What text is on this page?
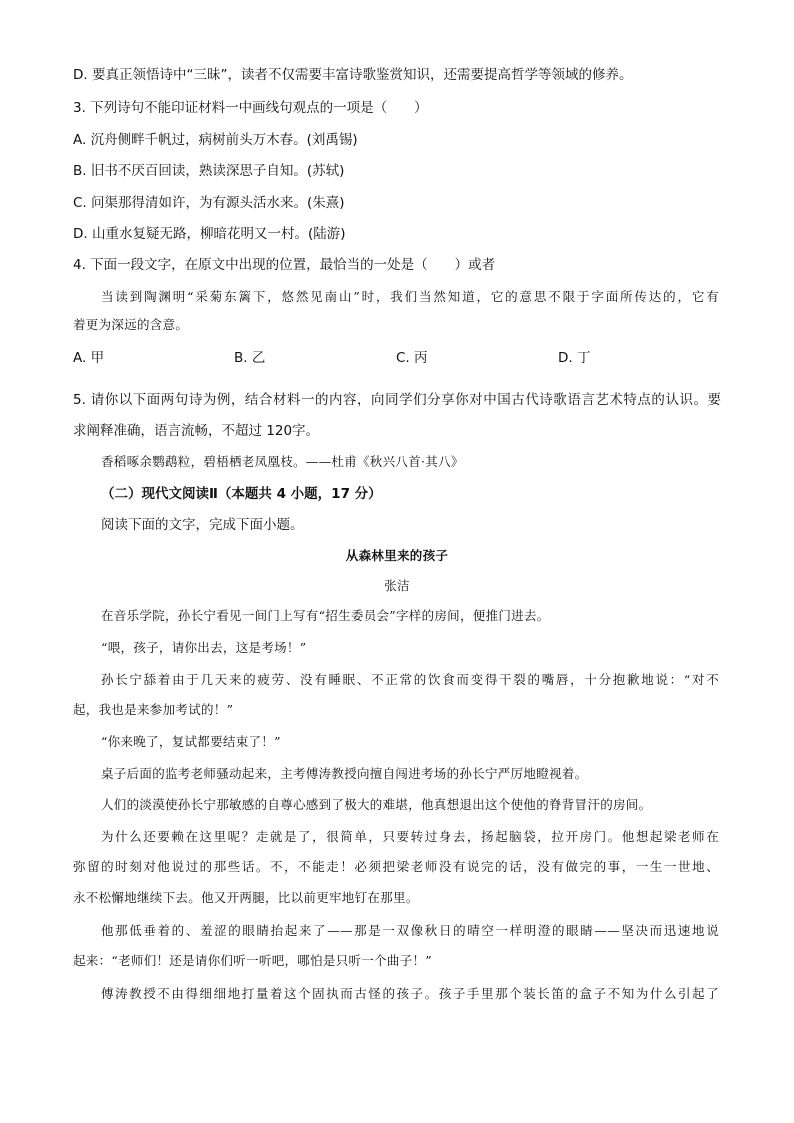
D. 要真正领悟诗中“三昧”，读者不仅需要丰富诗歌鉴赏知识，还需要提高哲学等领域的修养。
3. 下列诗句不能印证材料一中画线句观点的一项是（　　）
A. 沉舟侧畔千帆过，病树前头万木春。(刘禹锡)
B. 旧书不厌百回读，熟读深思子自知。(苏轼)
C. 问渠那得清如许，为有源头活水来。(朱熹)
D. 山重水复疑无路，柳暗花明又一村。(陆游)
4. 下面一段文字，在原文中出现的位置，最恰当的一处是（　　）或者
当读到陶渊明“采菊东篱下，悠然见南山”时，我们当然知道，它的意思不限于字面所传达的，它有
着更为深远的含意。
A. 甲	B. 乙	C. 丙	D. 丁
5. 请你以下面两句诗为例，结合材料一的内容，向同学们分享你对中国古代诗歌语言艺术特点的认识。要
求阐释准确，语言流畅，不超过 120字。
香稻啄余鹦鹉粒，碧梧栖老凤凰枝。——杜甫《秋兴八首·其八》
（二）现代文阅读Ⅱ（本题共 4 小题，17 分）
阅读下面的文字，完成下面小题。
从森林里来的孩子
张洁
在音乐学院，孙长宁看见一间门上写有“招生委员会”字样的房间，便推门进去。
“喂，孩子，请你出去，这是考场！”
孙长宁舔着由于几天来的疲劳、没有睡眠、不正常的饮食而变得干裂的嘴唇，十分抱歉地说：“对不
起，我也是来参加考试的！”
“你来晚了，复试都要结束了！”
桌子后面的监考老师骚动起来，主考傅涛教授向擅自闯进考场的孙长宁严厉地瞪视着。
人们的淡漠使孙长宁那敏感的自尊心感到了极大的难堪，他真想退出这个使他的脊背冒汗的房间。
为什么还要赖在这里呢？走就是了，很简单，只要转过身去，扬起脑袋，拉开房门。他想起梁老师在
弥留的时刻对他说过的那些话。不，不能走！必须把梁老师没有说完的话，没有做完的事，一生一世地、
永不松懈地继续下去。他又开两腿，比以前更牢地钉在那里。
他那低垂着的、羞涩的眼睛抬起来了——那是一双像秋日的晴空一样明澄的眼睛——坚决而迅速地说
起来：“老师们！还是请你们听一听吧，哪怕是只听一个曲子！”
傅涛教授不由得细细地打量着这个固执而古怪的孩子。孩子手里那个装长笛的盒子不知为什么引起了
